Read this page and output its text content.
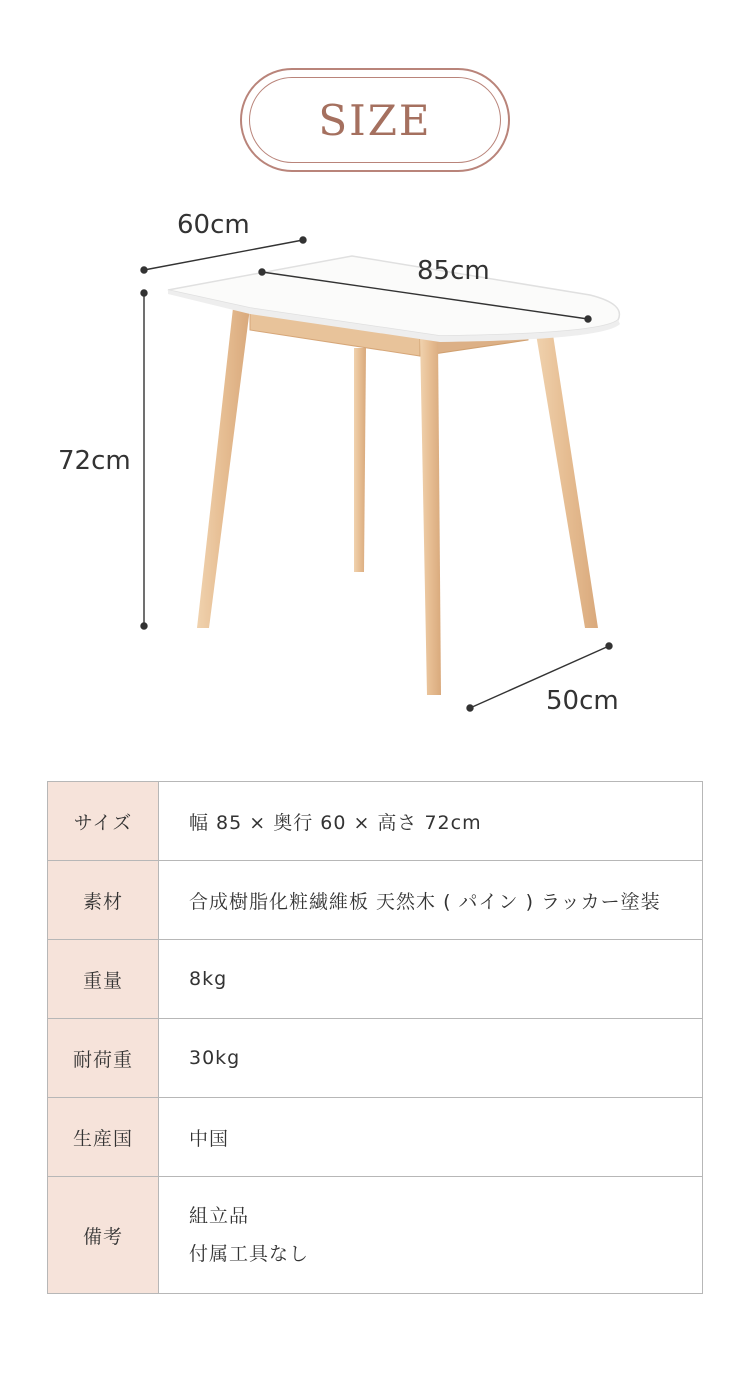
SIZE
60cm
85cm
72cm
50cm
サイズ	幅 85 × 奥行 60 × 高さ 72cm
素材	合成樹脂化粧繊維板 天然木 ( パイン ) ラッカー塗装
重量	8kg
耐荷重	30kg
生産国	中国
備考	組立品
付属工具なし
